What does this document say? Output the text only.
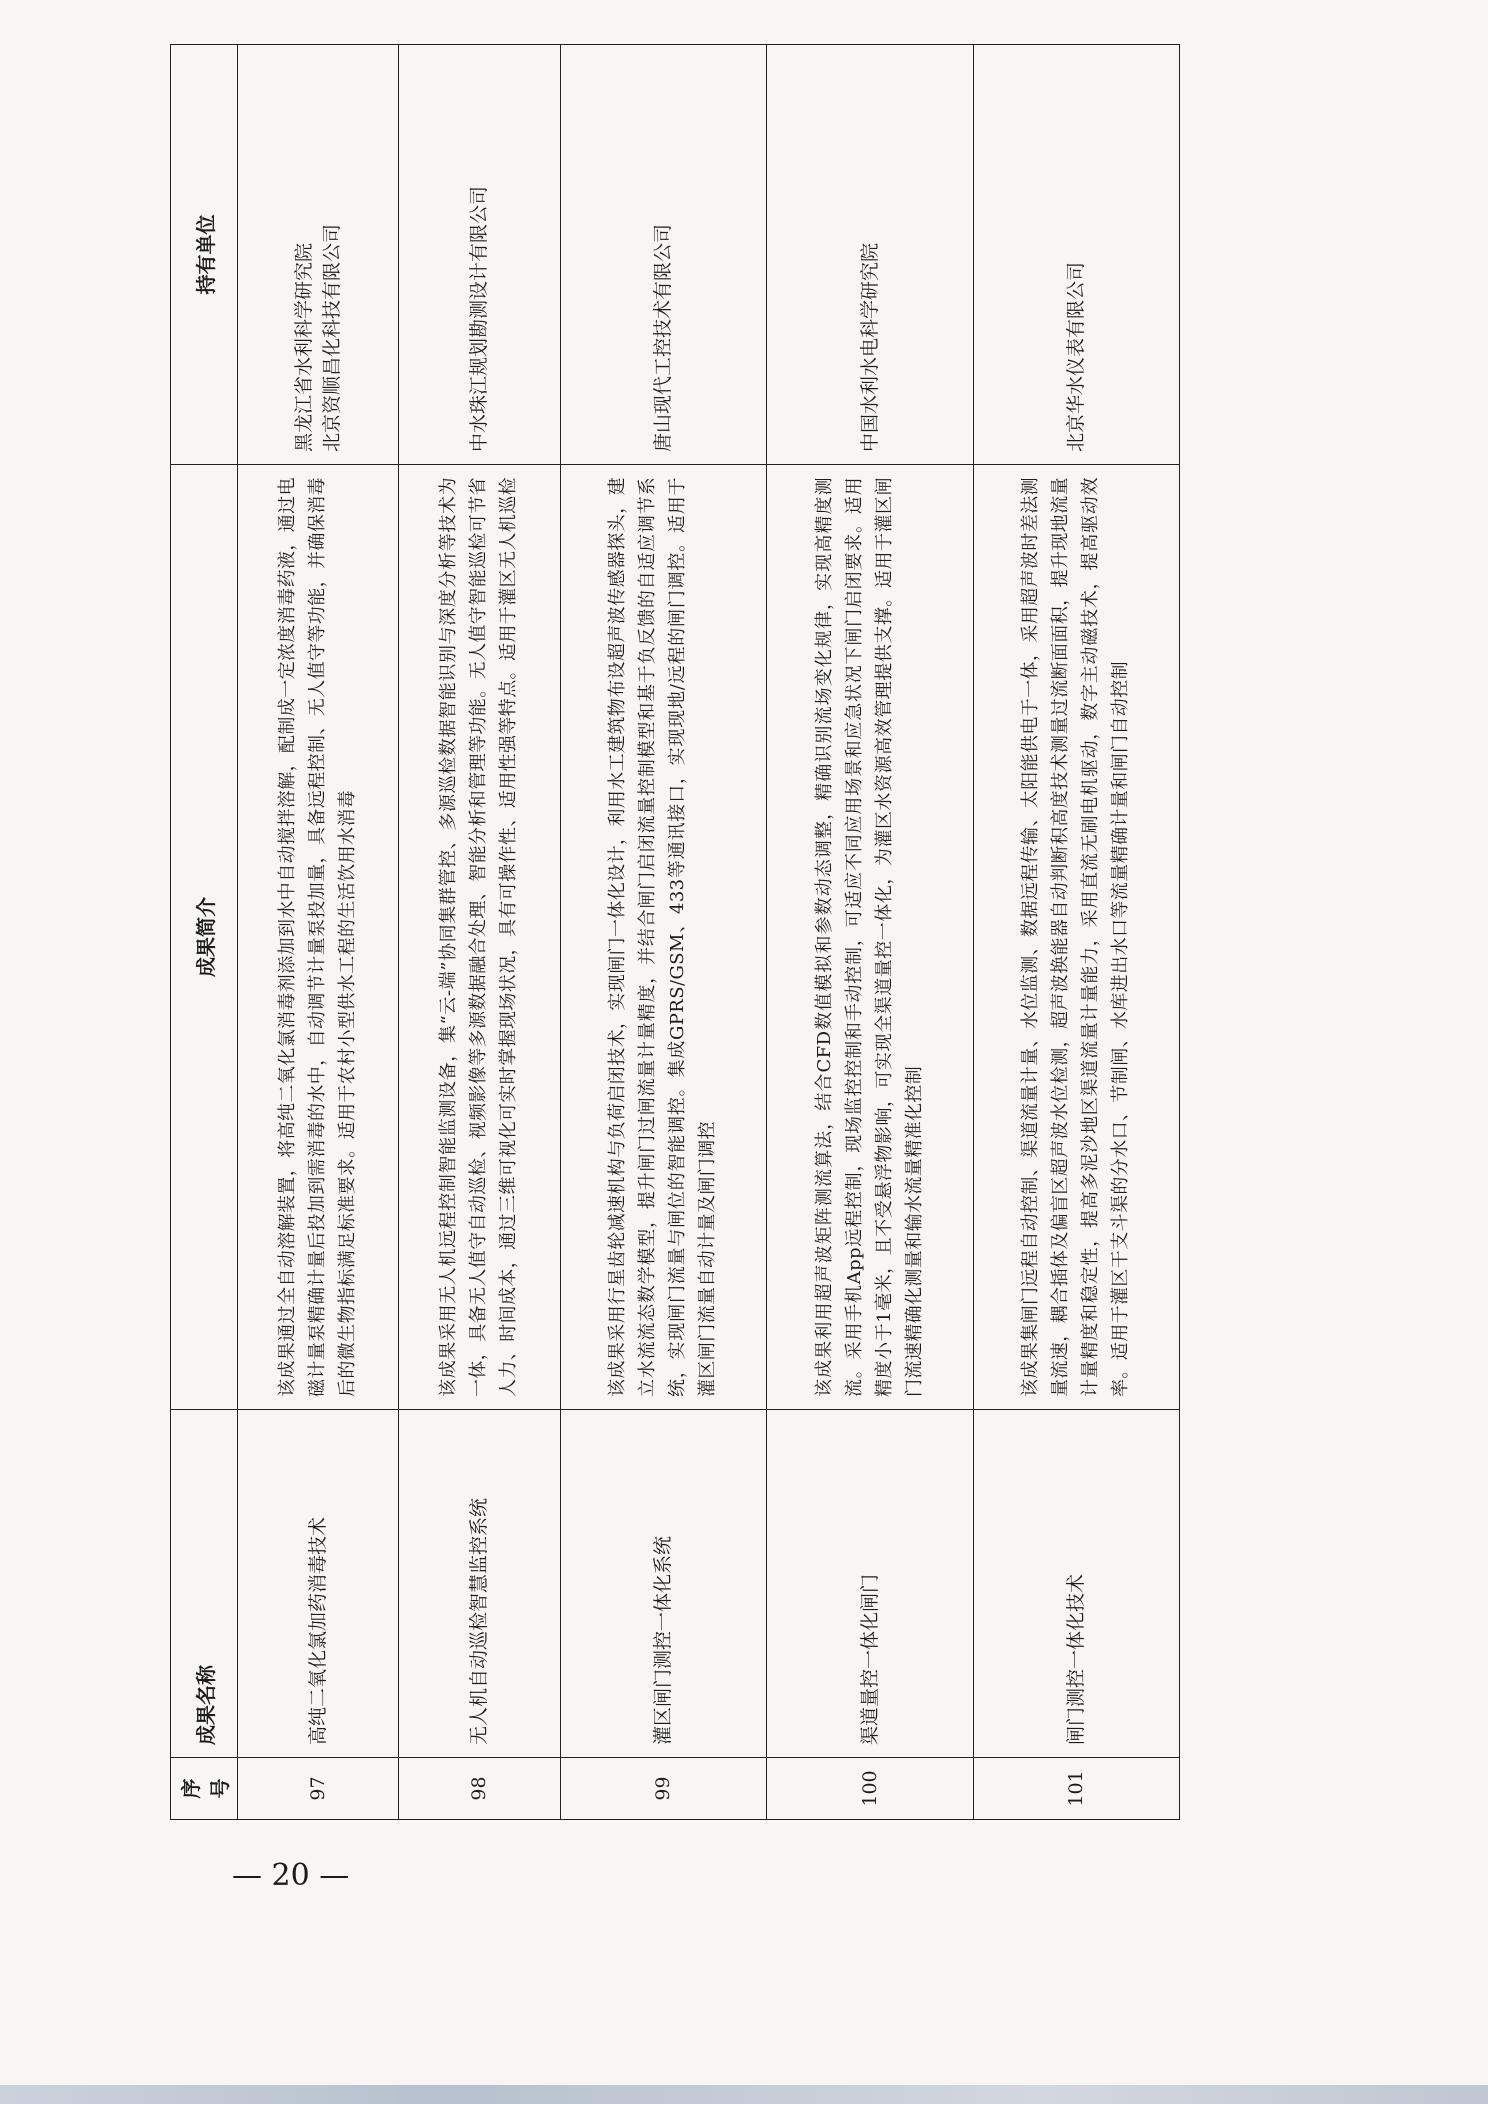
序号	成果名称	成果简介	持有单位
97	高纯二氧化氯加药消毒技术	该成果通过全自动溶解装置，将高纯二氧化氯消毒剂添加到水中自动搅拌溶解，配制成一定浓度消毒药液，通过电磁计量泵精确计量后投加到需消毒的水中，自动调节计量泵投加量，具备远程控制、无人值守等功能，并确保消毒后的微生物指标满足标准要求。适用于农村小型供水工程的生活饮用水消毒	黑龙江省水利科学研究院 北京资顺昌化科技有限公司

98	无人机自动巡检智慧监控系统	该成果采用无人机远程控制智能监测设备，集“云-端”协同集群管控、多源巡检数据智能识别与深度分析等技术为一体，具备无人值守自动巡检、视频影像等多源数据融合处理、智能分析和管理等功能。无人值守智能巡检可节省人力、时间成本，通过三维可视化可实时掌握现场状况，具有可操作性、适用性强等特点。适用于灌区无人机巡检	中水珠江规划勘测设计有限公司

99	灌区闸门测控一体化系统	该成果采用行星齿轮减速机构与负荷启闭技术，实现闸门一体化设计，利用水工建筑物布设超声波传感器探头，建立水流流态数学模型，提升闸门过闸流量计量精度，并结合闸门启闭流量控制模型和基于负反馈的自适应调节系统，实现闸门流量与闸位的智能调控。集成GPRS/GSM、433等通讯接口，实现现地/远程的闸门调控。适用于灌区闸门流量自动计量及闸门调控	唐山现代工控技术有限公司

100	渠道量控一体化闸门	该成果利用超声波矩阵测流算法，结合CFD数值模拟和参数动态调整，精确识别流场变化规律，实现高精度测流。采用手机App远程控制，现场监控控制和手动控制，可适应不同应用场景和应急状况下闸门启闭要求。适用精度小于1毫米，且不受悬浮物影响，可实现全渠道量控一体化，为灌区水资源高效管理提供支撑。适用于灌区闸门流速精确化测量和输水流量精准化控制	中国水利水电科学研究院

101	闸门测控一体化技术	该成果集闸门远程自动控制、渠道流量计量、水位监测、数据远程传输、太阳能供电于一体，采用超声波时差法测量流速，耦合插体及偏盲区超声波水位检测，超声波换能器自动判断积高度技术测量过流断面面积，提升现地流量计量精度和稳定性，提高多泥沙地区渠道流量计量能力，采用直流无刷电机驱动，数字主动磁技术，提高驱动效率。适用于灌区干支斗渠的分水口、节制闸、水库进出水口等流量精确计量和闸门自动控制	北京华水仪表有限公司
— 20 —
